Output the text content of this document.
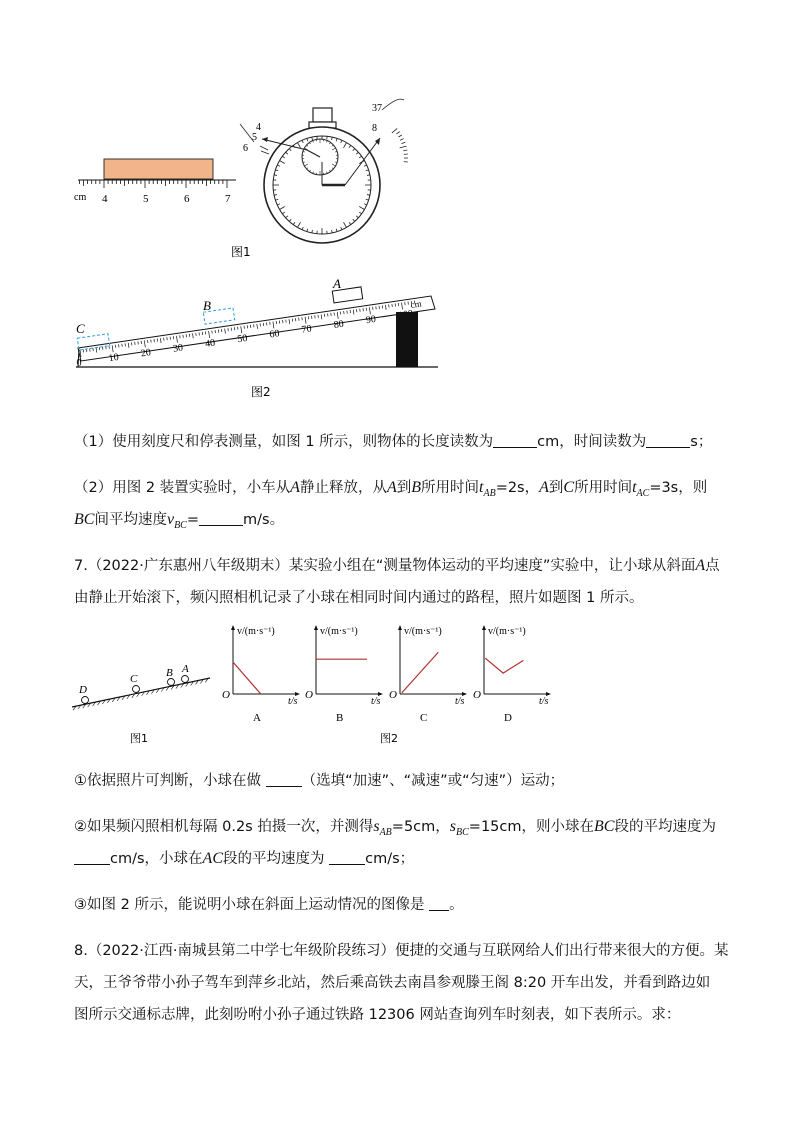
cm 4	5	6	7
4
5
6
37
8
图1
0	10 20 30 40 50 60 70 80 90
cm
A
B
C
图2
D
C	B A
图1
v/(m·s⁻¹)
t/s
O
A
v/(m·s⁻¹)
t/s
O
B
v/(m·s⁻¹)
t/s
O
C
v/(m·s⁻¹)
t/s
O
D
图2
（1）使用刻度尺和停表测量，如图 1 所示，则物体的长度读数为	cm，时间读数为	s；
（2）用图 2 装置实验时，小车从A静止释放，从A到B所用时间$t_{AB}=2s$，A到C所用时间$t_{AC}=3s$，则
BC间平均速度$v_{BC}=$	m/s。
7.（2022·广东惠州八年级期末）某实验小组在“测量物体运动的平均速度”实验中，让小球从斜面A点
由静止开始滚下，频闪照相机记录了小球在相同时间内通过的路程，照片如题图 1 所示。
①依据照片可判断，小球在做	（选填“加速”、“减速”或“匀速”）运动；
②如果频闪照相机每隔 0.2s 拍摄一次，并测得$s_{AB}=5cm$，$s_{BC}=15cm$，则小球在BC段的平均速度为
cm/s，小球在AC段的平均速度为	cm/s；
③如图 2 所示，能说明小球在斜面上运动情况的图像是 。
8.（2022·江西·南城县第二中学七年级阶段练习）便捷的交通与互联网给人们出行带来很大的方便。某
天，王爷爷带小孙子驾车到萍乡北站，然后乘高铁去南昌参观滕王阁 8:20 开车出发，并看到路边如
图所示交通标志牌，此刻吩咐小孙子通过铁路 12306 网站查询列车时刻表，如下表所示。求：
